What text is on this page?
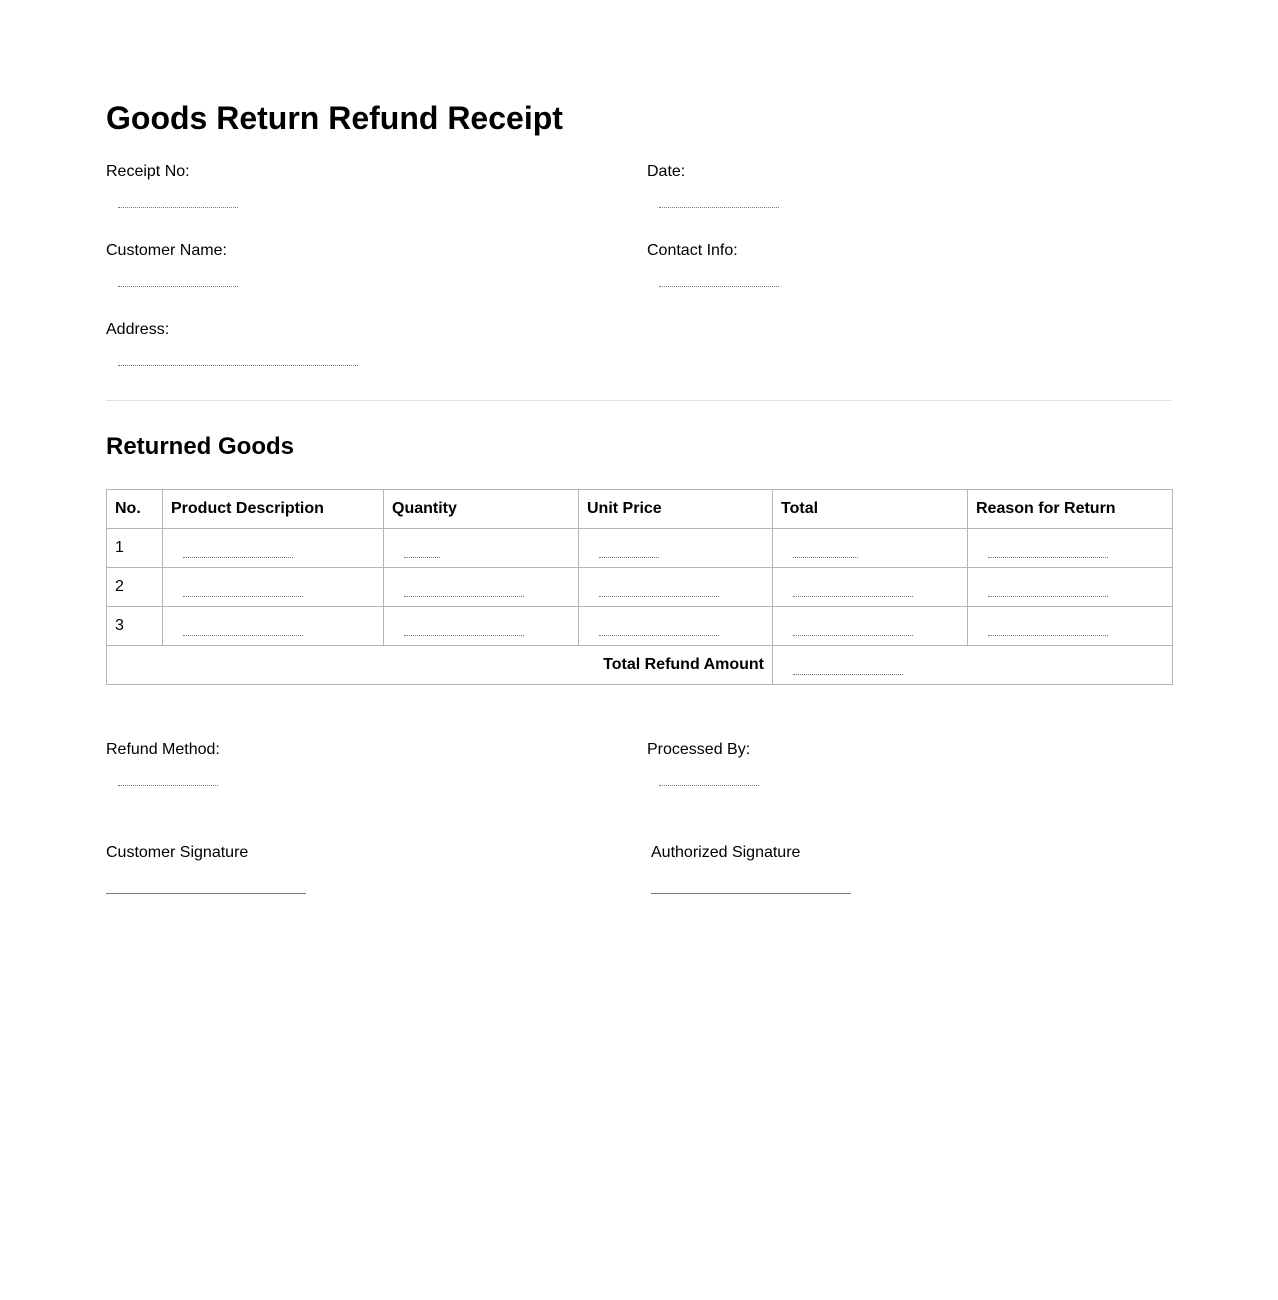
Goods Return Refund Receipt
Receipt No:	Date:
Customer Name:	Contact Info:
Address:
Returned Goods
No.	Product Description	Quantity	Unit Price	Total	Reason for Return
1	

2	

3	

Total Refund Amount					
Refund Method:	Processed By:
Customer Signature	Authorized Signature
